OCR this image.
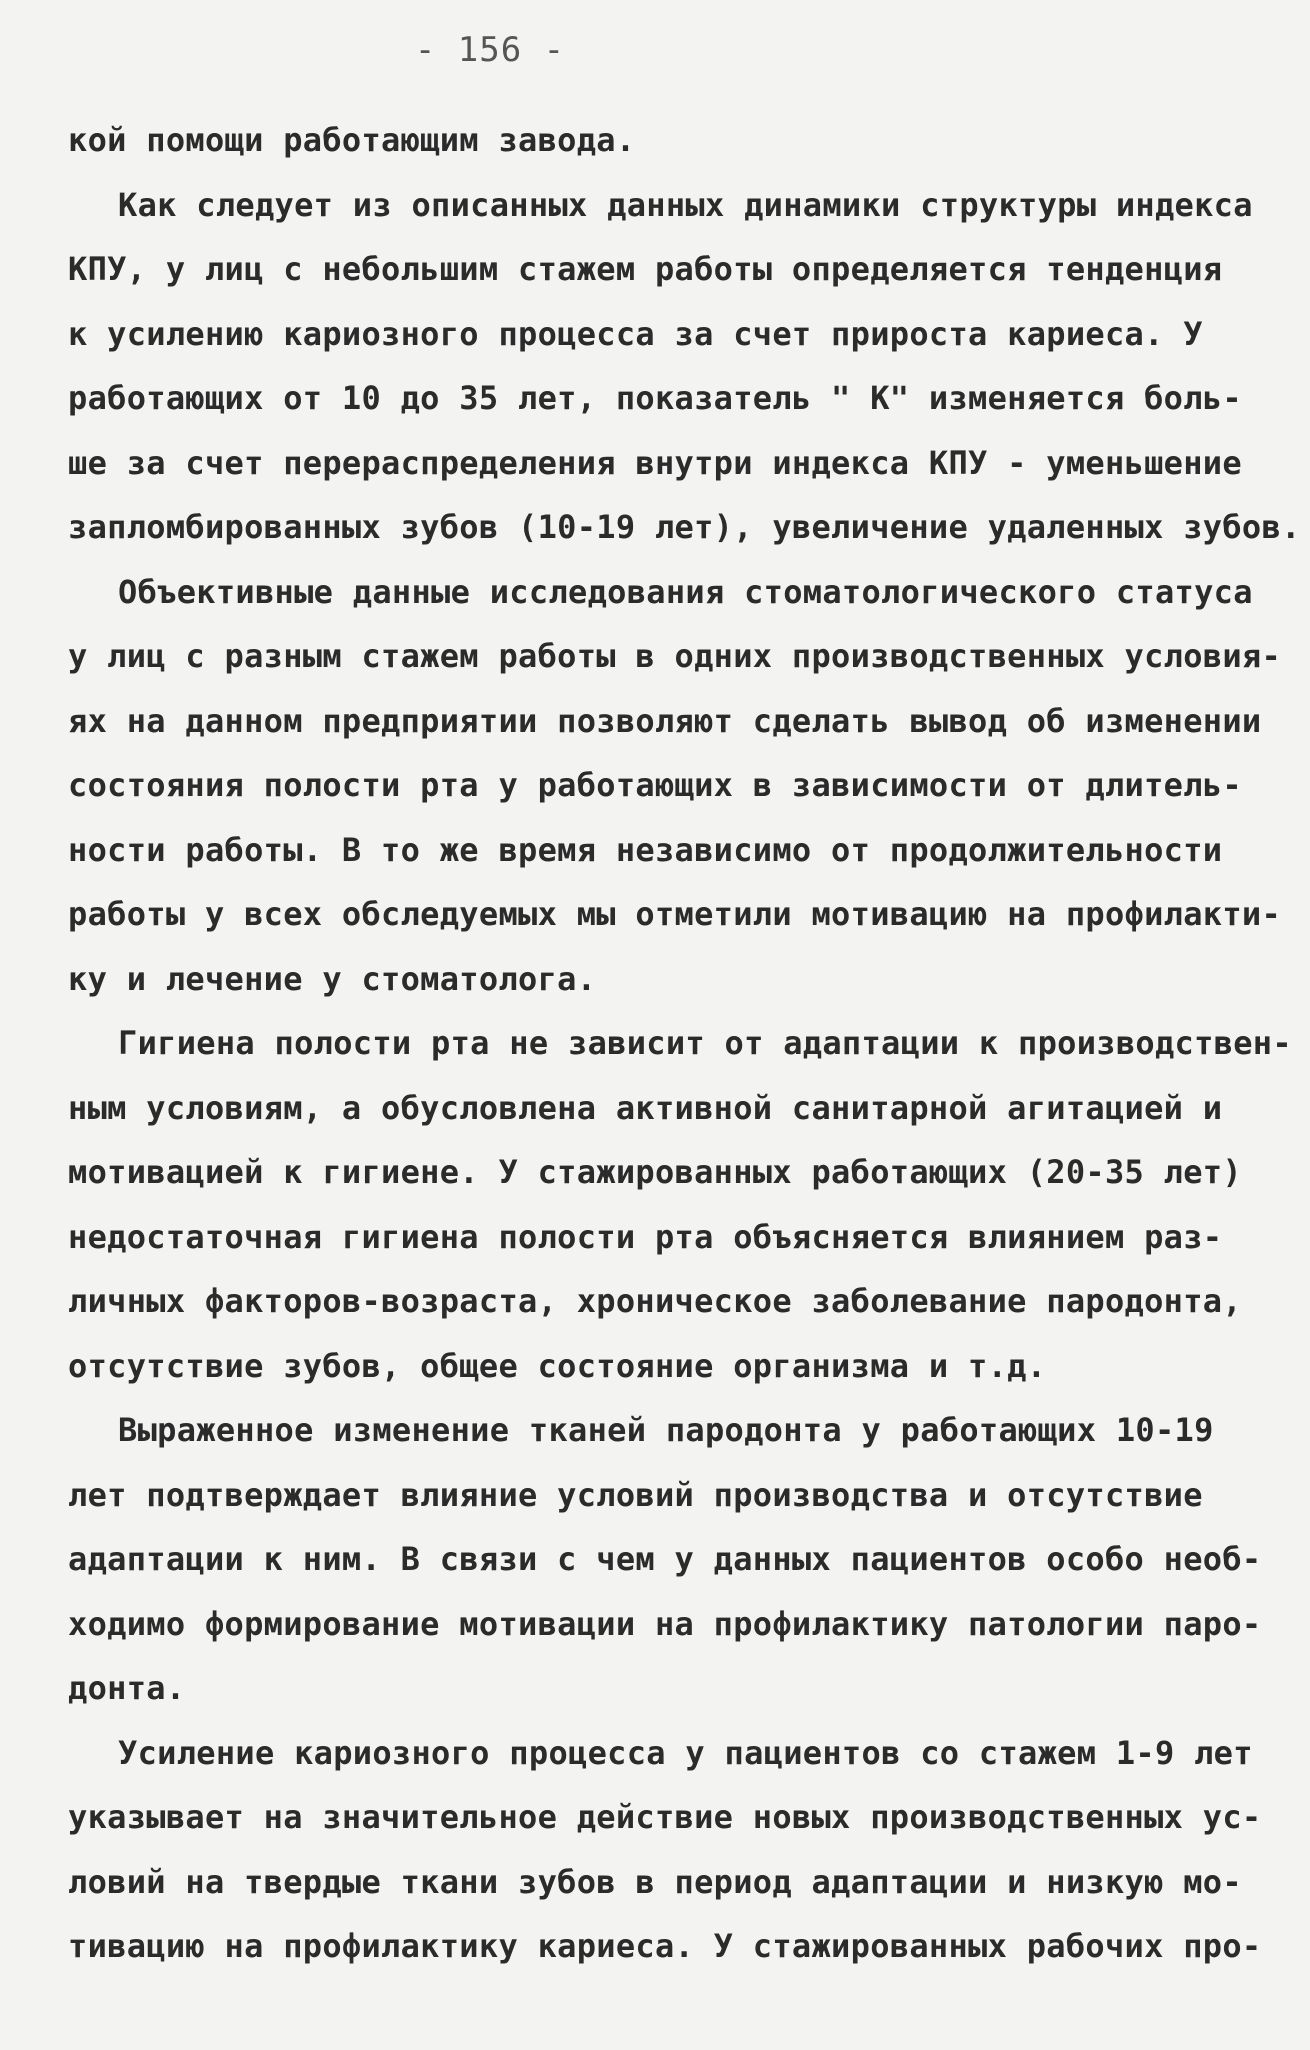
- 156 -
кой помощи работающим завода.
Как следует из описанных данных динамики структуры индекса
КПУ, у лиц с небольшим стажем работы определяется тенденция
к усилению кариозного процесса за счет прироста кариеса. У
работающих от 10 до 35 лет, показатель " К" изменяется боль-
ше за счет перераспределения внутри индекса КПУ - уменьшение
запломбированных зубов (10-19 лет), увеличение удаленных зубов.
Объективные данные исследования стоматологического статуса
у лиц с разным стажем работы в одних производственных условия-
ях на данном предприятии позволяют сделать вывод об изменении
состояния полости рта у работающих в зависимости от длитель-
ности работы. В то же время независимо от продолжительности
работы у всех обследуемых мы отметили мотивацию на профилакти-
ку и лечение у стоматолога.
Гигиена полости рта не зависит от адаптации к производствен-
ным условиям, а обусловлена активной санитарной агитацией и
мотивацией к гигиене. У стажированных работающих (20-35 лет)
недостаточная гигиена полости рта объясняется влиянием раз-
личных факторов-возраста, хроническое заболевание пародонта,
отсутствие зубов, общее состояние организма и т.д.
Выраженное изменение тканей пародонта у работающих 10-19
лет подтверждает влияние условий производства и отсутствие
адаптации к ним. В связи с чем у данных пациентов особо необ-
ходимо формирование мотивации на профилактику патологии паро-
донта.
Усиление кариозного процесса у пациентов со стажем 1-9 лет
указывает на значительное действие новых производственных ус-
ловий на твердые ткани зубов в период адаптации и низкую мо-
тивацию на профилактику кариеса. У стажированных рабочих про-
